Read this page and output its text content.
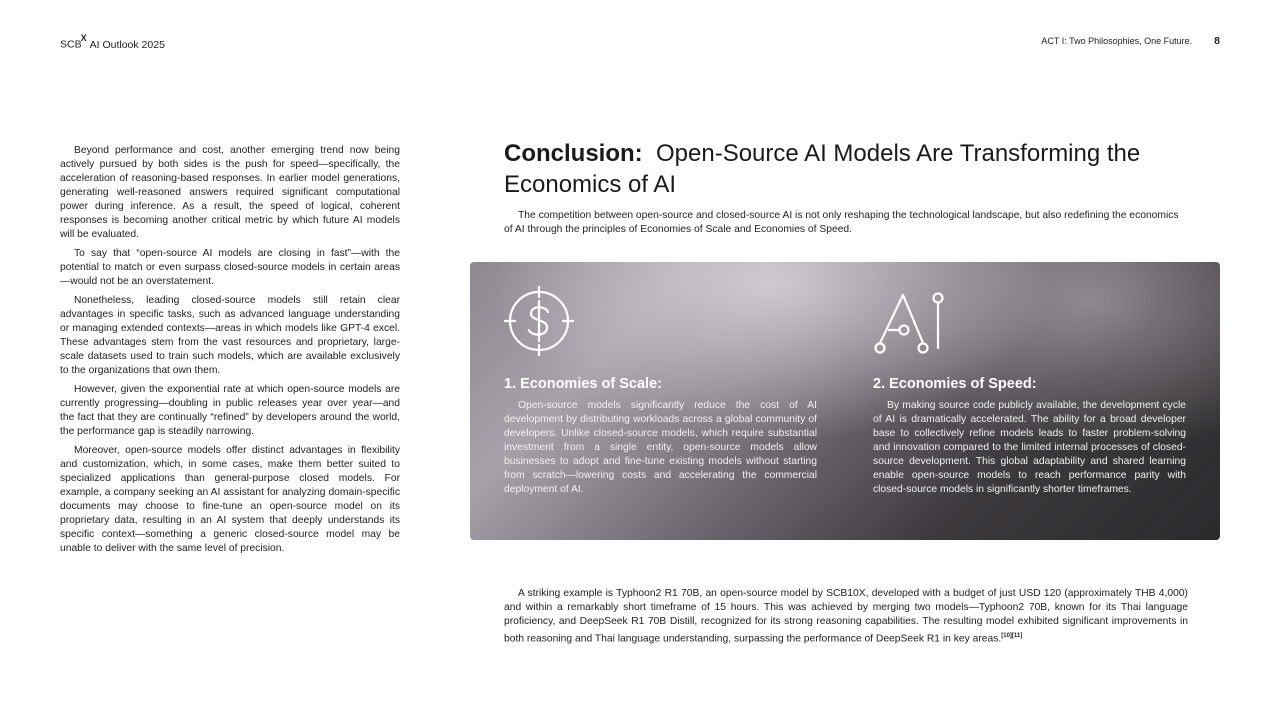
$SCB^X$
AI Outlook 2025	ACT I: Two Philosophies, One Future. 8

Beyond performance and cost, another emerging trend now being actively pursued by both sides is the push for speed—specifically, the acceleration of reasoning-based responses. In earlier model generations, generating well-reasoned answers required significant computational power during inference. As a result, the speed of logical, coherent responses is becoming another critical metric by which future AI models will be evaluated.

To say that “open-source AI models are closing in fast”—with the potential to match or even surpass closed-source models in certain areas—would not be an overstatement.

Nonetheless, leading closed-source models still retain clear advantages in specific tasks, such as advanced language understanding or managing extended contexts—areas in which models like GPT-4 excel. These advantages stem from the vast resources and proprietary, large-scale datasets used to train such models, which are available exclusively to the organizations that own them.

However, given the exponential rate at which open-source models are currently progressing—doubling in public releases year over year—and the fact that they are continually “refined” by developers around the world, the performance gap is steadily narrowing.

Moreover, open-source models offer distinct advantages in flexibility and customization, which, in some cases, make them better suited to specialized applications than general-purpose closed models. For example, a company seeking an AI assistant for analyzing domain-specific documents may choose to fine-tune an open-source model on its proprietary data, resulting in an AI system that deeply understands its specific context—something a generic closed-source model may be unable to deliver with the same level of precision.

Conclusion: Open-Source AI Models Are Transforming the Economics of AI

The competition between open-source and closed-source AI is not only reshaping the technological landscape, but also redefining the economics of AI through the principles of Economies of Scale and Economies of Speed.

1. Economies of Scale:

Open-source models significantly reduce the cost of AI development by distributing workloads across a global community of developers. Unlike closed-source models, which require substantial investment from a single entity, open-source models allow businesses to adopt and fine-tune existing models without starting from scratch—lowering costs and accelerating the commercial deployment of AI.

2. Economies of Speed:

By making source code publicly available, the development cycle of AI is dramatically accelerated. The ability for a broad developer base to collectively refine models leads to faster problem-solving and innovation compared to the limited internal processes of closed-source development. This global adaptability and shared learning enable open-source models to reach performance parity with closed-source models in significantly shorter timeframes.

A striking example is Typhoon2 R1 70B, an open-source model by SCB10X, developed with a budget of just USD 120 (approximately THB 4,000) and within a remarkably short timeframe of 15 hours. This was achieved by merging two models—Typhoon2 70B, known for its Thai language proficiency, and DeepSeek R1 70B Distill, recognized for its strong reasoning capabilities. The resulting model exhibited significant improvements in both reasoning and Thai language understanding, surpassing the performance of DeepSeek R1 in key areas.[10][11]
